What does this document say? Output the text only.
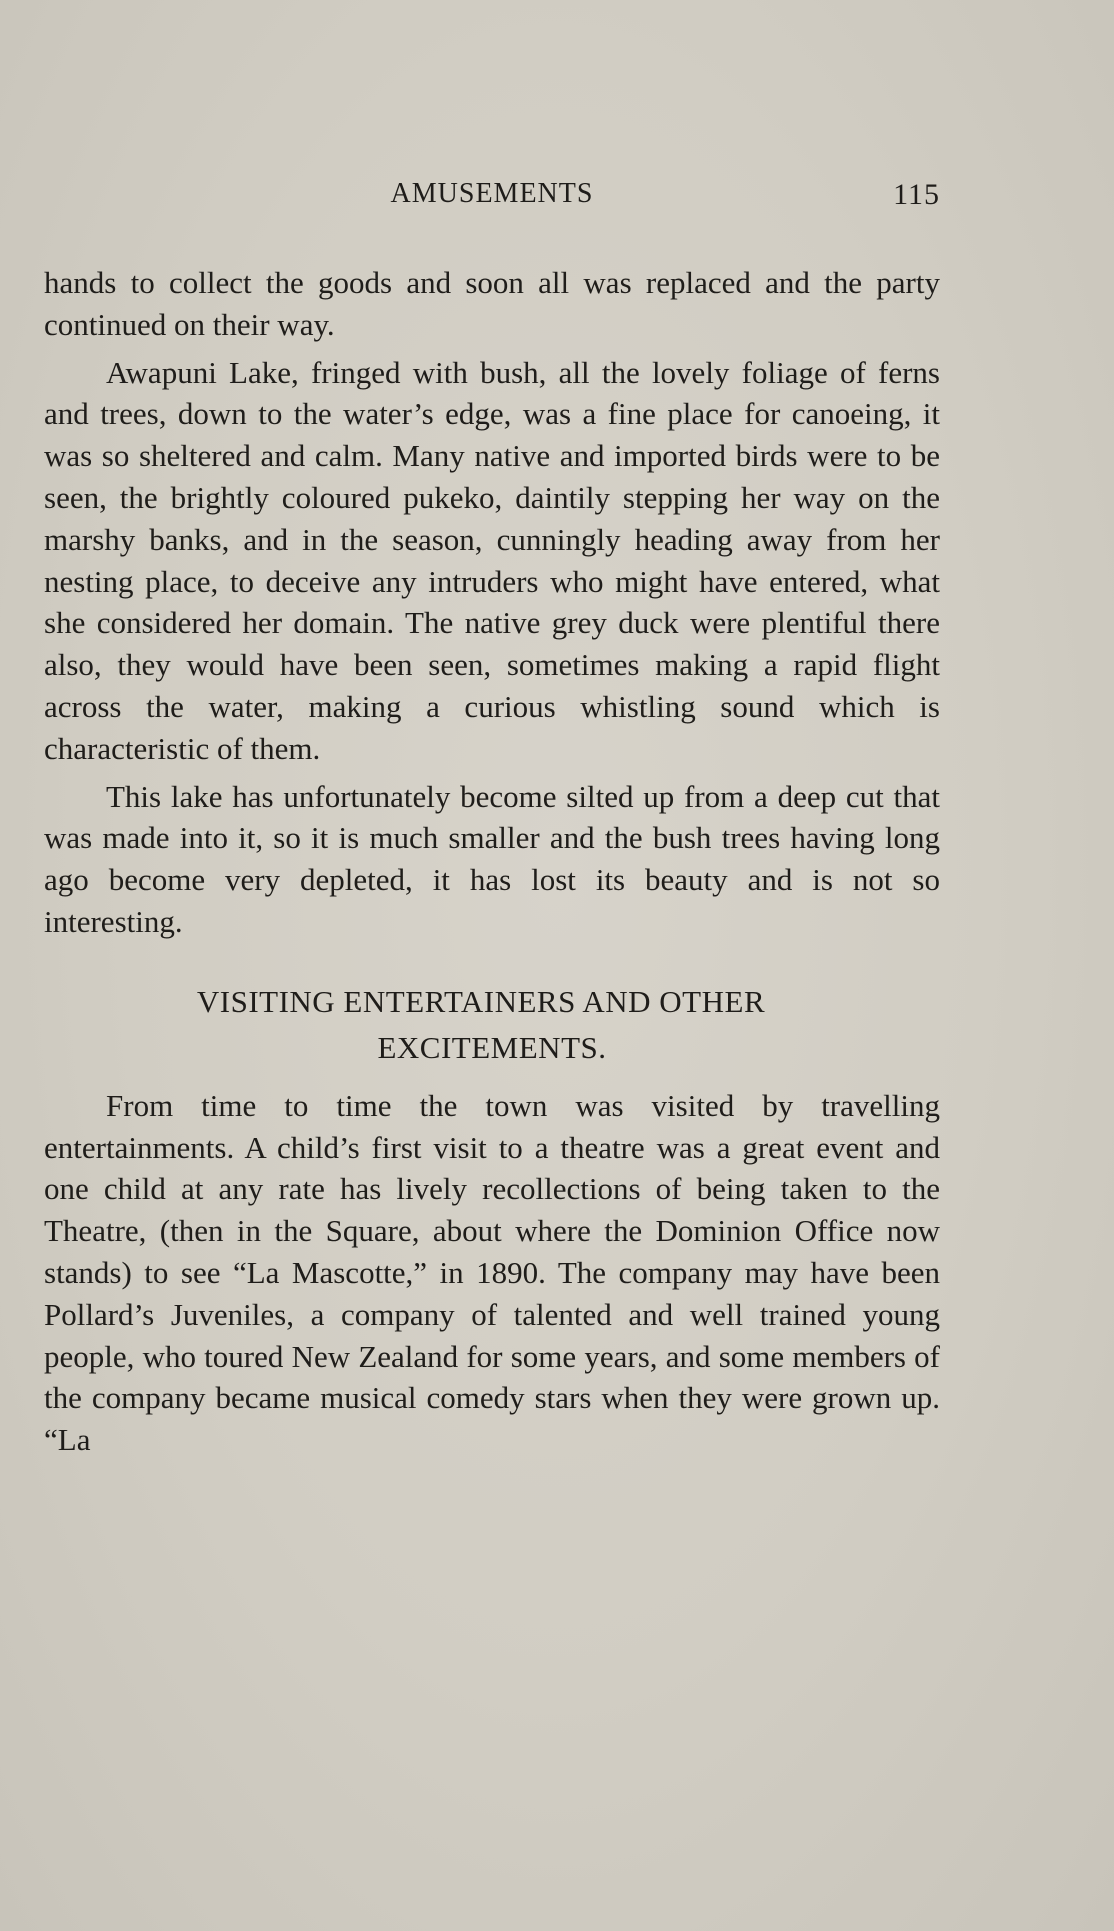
AMUSEMENTS	115

hands to collect the goods and soon all was replaced and the party continued on their way.

Awapuni Lake, fringed with bush, all the lovely foliage of ferns and trees, down to the water’s edge, was a fine place for canoeing, it was so sheltered and calm. Many native and imported birds were to be seen, the brightly coloured pukeko, daintily stepping her way on the marshy banks, and in the season, cunningly heading away from her nesting place, to deceive any intruders who might have entered, what she considered her domain. The native grey duck were plentiful there also, they would have been seen, sometimes making a rapid flight across the water, making a curious whistling sound which is characteristic of them.

This lake has unfortunately become silted up from a deep cut that was made into it, so it is much smaller and the bush trees having long ago become very depleted, it has lost its beauty and is not so interesting.

VISITING ENTERTAINERS AND OTHER
EXCITEMENTS.

From time to time the town was visited by travelling entertainments. A child’s first visit to a theatre was a great event and one child at any rate has lively recollections of being taken to the Theatre, (then in the Square, about where the Dominion Office now stands) to see “La Mascotte,” in 1890. The company may have been Pollard’s Juveniles, a company of talented and well trained young people, who toured New Zealand for some years, and some members of the company became musical comedy stars when they were grown up. “La
